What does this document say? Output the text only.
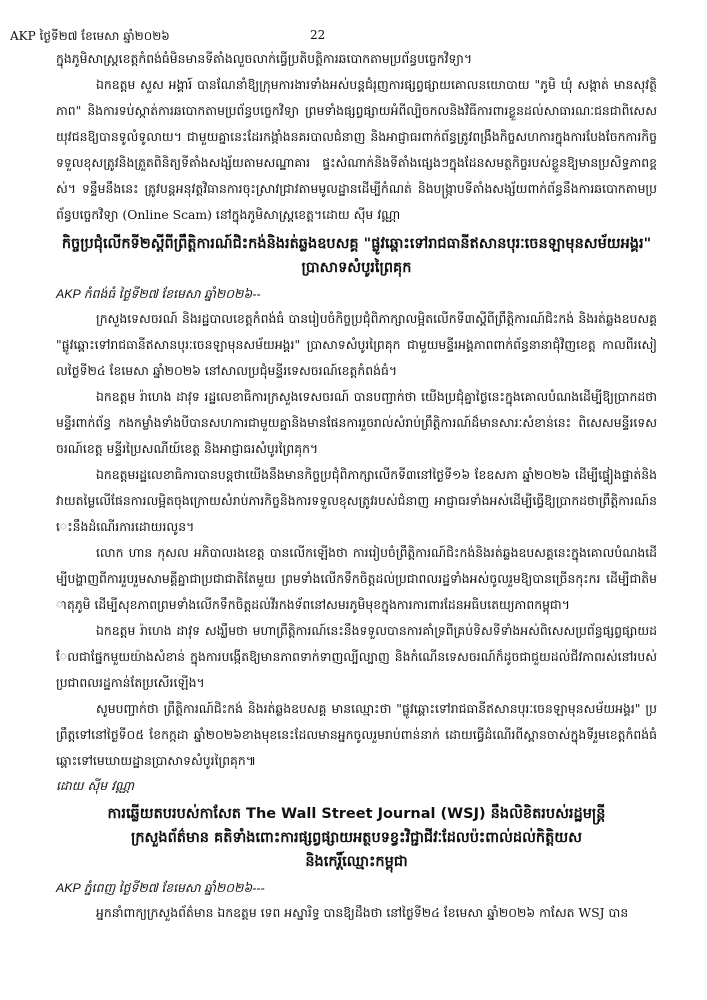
AKP ថ្ងៃទី២៧ ខែមេសា ឆ្នាំ២០២៦	22

ក្នុងភូមិសាស្ត្រខេត្តកំពង់ធំមិនមានទីតាំងលួចលាក់ធ្វើប្រតិបត្តិការឆបោកតាមប្រព័ន្ធបច្ចេកវិទ្យា។

ឯកឧត្តម សួស អង្គារ៍ បានណែនាំឱ្យក្រុមការងារទាំងអស់បន្តជំរុញការផ្សព្វផ្សាយគោលនយោបាយ "ភូមិ ឃុំ សង្កាត់ មានសុវត្ថិភាព" និងការទប់ស្កាត់ការឆបោកតាមប្រព័ន្ធបច្ចេកវិទ្យា ព្រមទាំងផ្សព្វផ្សាយអំពីល្បិចកលនិងវិធីការពារខ្លួនដល់សាធារណៈជនជាពិសេសយុវជនឱ្យបានទូលំទូលាយ។ ជាមួយគ្នានេះដែរកង្កាំងនគរបាលជំនាញ និងអាជ្ញាធរពាក់ព័ន្ធត្រូវពង្រឹងកិច្ចសហការក្នុងការបែងចែកការកិច្ចទទួលខុសត្រូវនិងត្រួតពិនិត្យទីតាំងសង្ស័យតាមសណ្ឋាគារ ផ្ទះសំណាក់និងទីតាំងផ្សេងៗក្នុងដែនសមត្ថកិច្ចរបស់ខ្លួនឱ្យមានប្រសិទ្ធភាពខ្ពស់។ ទន្ទឹមនឹងនេះ ត្រូវបន្តអនុវត្តវិធានការចុះស្រាវជ្រាវតាមមូលដ្ឋានដើម្បីកំណត់ និងបង្ក្រាបទីតាំងសង្ស័យពាក់ព័ន្ធនឹងការឆបោកតាមប្រព័ន្ធបច្ចេកវិទ្យា (Online Scam) នៅក្នុងភូមិសាស្ត្រខេត្ត។ដោយ សុីម វណ្ណា

កិច្ចប្រជុំលើកទី២ស្តីពីព្រឹត្តិការណ៍ជិះកង់និងរត់ឆ្លងឧបសគ្គ "ផ្លូវឆ្ពោះទៅរាជធានីឥសានបុរៈចេនឡាមុនសម័យអង្គរ" ប្រាសាទសំបូរព្រៃគុក
AKP កំពង់ធំ ថ្ងៃទី២៧ ខែមេសា ឆ្នាំ២០២៦--

ក្រសួងទេសចរណ៍ និងរដ្ឋបាលខេត្តកំពង់ធំ បានរៀបចំកិច្ចប្រជុំពិភាក្សាលម្អិតលើកទី៣ស្តីពីព្រឹត្តិការណ៍ជិះកង់ និងរត់ឆ្លងឧបសគ្គ "ផ្លូវឆ្ពោះទៅរាជធានីឥសានបុរៈចេនឡាមុនសម័យអង្គរ" ប្រាសាទសំបូរព្រៃគុក ជាមួយមន្ទីរអង្គភាពពាក់ព័ន្ធនានាជុំវិញខេត្ត កាលពីរសៀលថ្ងៃទី២៤ ខែមេសា ឆ្នាំ២០២៦ នៅសាលប្រជុំមន្ទីរទេសចរណ៍ខេត្តកំពង់ធំ។

ឯកឧត្តម រ៉ាហេង ដាវុទ រដ្ឋលេខាធិការក្រសួងទេសចរណ៍ បានបញ្ជាក់ថា យើងប្រជុំគ្នាថ្ងៃនេះក្នុងគោលបំណងដើម្បីឱ្យប្រាកដថាមន្ទីរពាក់ព័ន្ធ កងកម្លាំងទាំងបីបានសហការជាមួយគ្នានិងមានផែនការរួចរាល់សំរាប់ព្រឹត្តិការណ៍ដ៏មានសារៈសំខាន់នេះ ពិសេសមន្ទីរទេសចរណ៍ខេត្ត មន្ទីរប្រៃសណីយ៍ខេត្ត និងអាជ្ញាធរសំបូរព្រៃគុក។

ឯកឧត្តមរដ្ឋលេខាធិការបានបន្តថាយើងនឹងមានកិច្ចប្រជុំពិភាក្សាលើកទី៣នៅថ្ងៃទី១៦ ខែឧសភា ឆ្នាំ២០២៦ ដើម្បីផ្ទៀងផ្ទាត់និងវាយតម្លៃលើផែនការលម្អិតចុងក្រោយសំរាប់ភារកិច្ចនិងការទទួលខុសត្រូវរបស់ជំនាញ អាជ្ញាធរទាំងអស់ដើម្បីធ្វើឱ្យប្រាកដថាព្រឹត្តិការណ៍នេះនឹងដំណើរការដោយរលូន។

លោក ហាន កុសល អភិបាលរងខេត្ត បានលើកឡើងថា ការរៀបចំព្រឹត្តិការណ៍ជិះកង់និងរត់ឆ្លងឧបសគ្គនេះក្នុងគោលបំណងដើម្បីបង្ហាញពីការរួបរួមសាមគ្គីគ្នាជាប្រជាជាតិតែមួយ ព្រមទាំងលើកទឹកចិត្តដល់ប្រជាពលរដ្ឋទាំងអស់ចូលរួមឱ្យបានច្រើនកុះករ ដើម្បីជាតិមាតុភូមិ ដើម្បីសុខភាពព្រមទាំងលើកទឹកចិត្តដល់វីរកងទ័ពនៅសមរភូមិមុខក្នុងការការពារដែនអធិបតេយ្យភាពកម្ពុជា។

ឯកឧត្តម រ៉ាហេង ដាវុទ សង្ឃឹមថា មហាព្រឹត្តិការណ៍នេះនឹងទទួលបានការគាំទ្រពីគ្រប់ទិសទីទាំងអស់ពិសេសប្រព័ន្ធផ្សព្វផ្សាយដែលជាផ្នែកមួយយ៉ាងសំខាន់ ក្នុងការបង្កើតឱ្យមានភាពទាក់ទាញល្បីល្បាញ និងកំណើនទេសចរណ៍ក៏ដូចជាជួយដល់ជីវភាពរស់នៅរបស់ប្រជាពលរដ្ឋកាន់តែប្រសើរឡើង។

សូមបញ្ជាក់ថា ព្រឹត្តិការណ៍ជិះកង់ និងរត់ឆ្លងឧបសគ្គ មានឈ្មោះថា "ផ្លូវឆ្ពោះទៅរាជធានីឥសានបុរៈចេនឡាមុនសម័យអង្គរ" ប្រព្រឹត្តទៅនៅថ្ងៃទី០៥ ខែកក្កដា ឆ្នាំ២០២៦ខាងមុខនេះដែលមានអ្នកចូលរួមរាប់ពាន់នាក់ ដោយធ្វើដំណើរពីស្ពានចាស់ក្នុងទីរួមខេត្តកំពង់ធំឆ្ពោះទៅមេឃាយដ្ឋានប្រាសាទសំបូរព្រៃគុក៕

ដោយ សុីម វណ្ណា
ការឆ្លើយតបរបស់កាសែត The Wall Street Journal (WSJ) នឹងលិខិតរបស់រដ្ឋមន្ត្រី
ក្រសួងព័ត៌មាន គតិទាំងពោះការផ្សព្វផ្សាយអត្ថបទខ្វះវិជ្ជាជីវៈដែលប៉ះពាល់ដល់កិត្តិយស
និងកេរ្តិ៍ឈ្មោះកម្ពុជា
AKP ភ្នំពេញ ថ្ងៃទី២៧ ខែមេសា ឆ្នាំ២០២៦---

អ្នកនាំពាក្យក្រសួងព័ត៌មាន ឯកឧត្តម ទេព អស្នារិទ្ធ បានឱ្យដឹងថា នៅថ្ងៃទី២៤ ខែមេសា ឆ្នាំ២០២៦ កាសែត WSJ បាន
